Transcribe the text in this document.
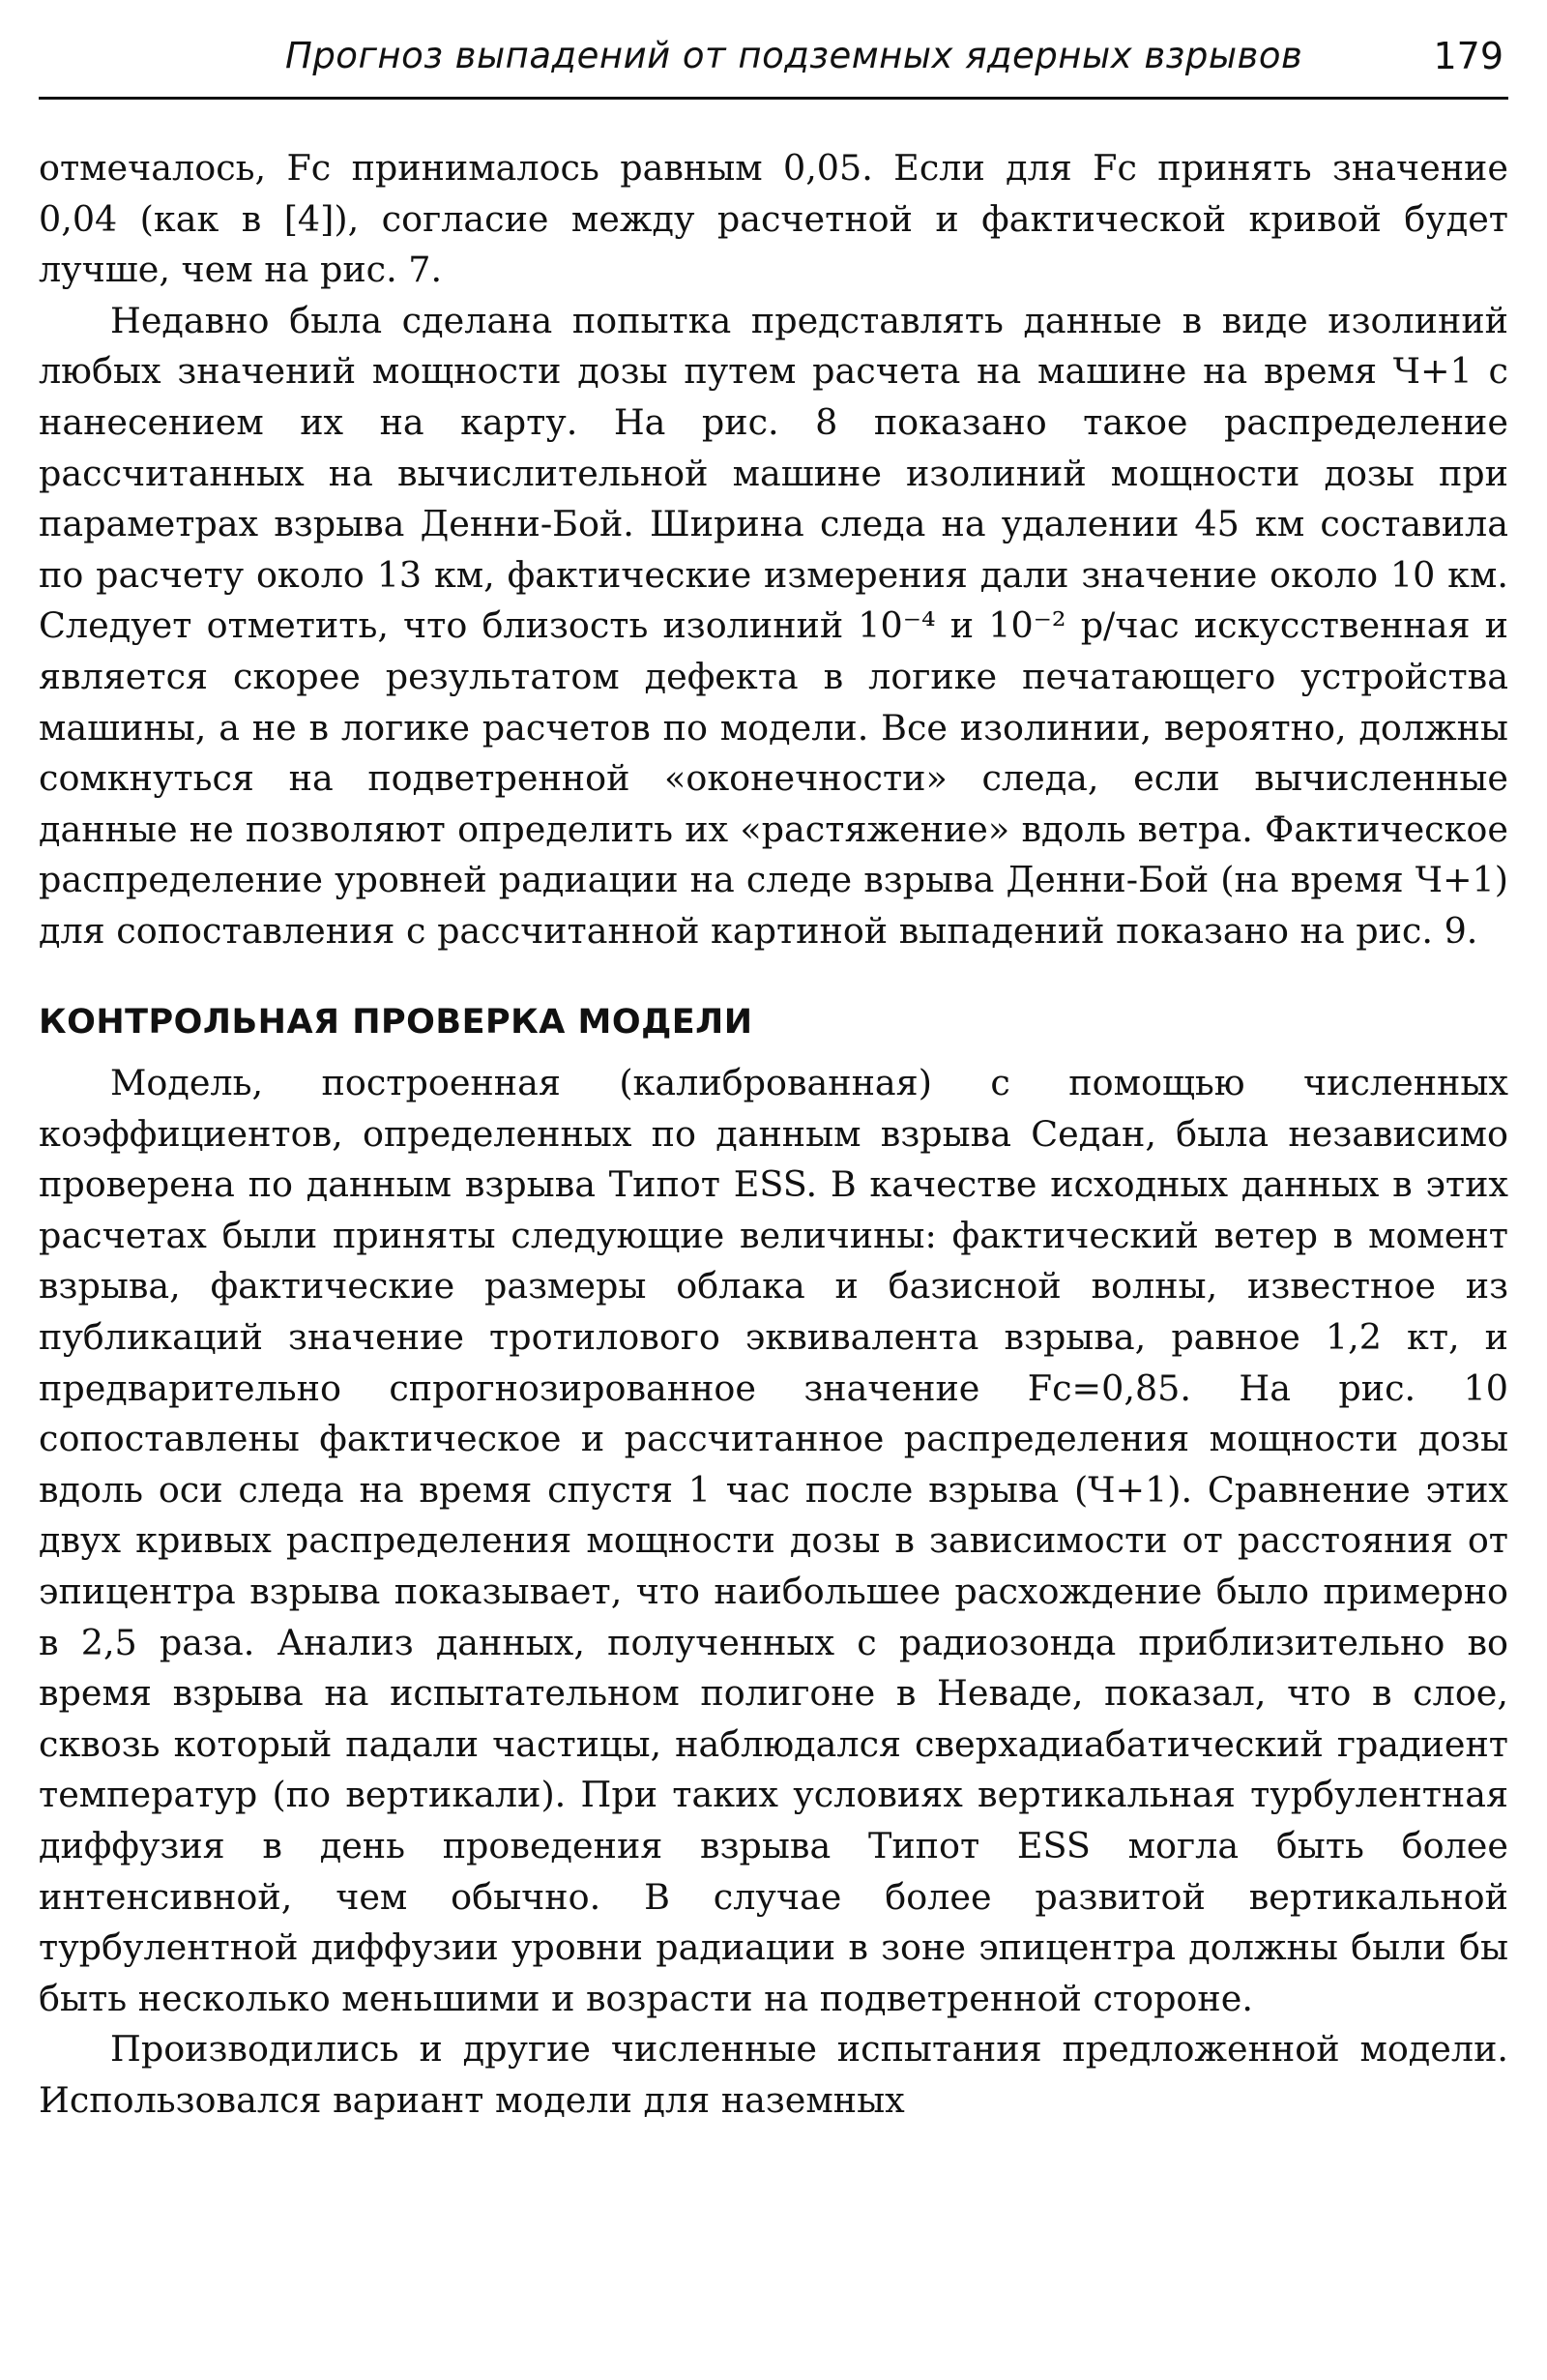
Прогноз выпадений от подземных ядерных взрывов	179

отмечалось, Fc принималось равным 0,05. Если для Fc принять значение 0,04 (как в [4]), согласие между расчетной и фактической кривой будет лучше, чем на рис. 7.

Недавно была сделана попытка представлять данные в виде изолиний любых значений мощности дозы путем расчета на машине на время Ч+1 с нанесением их на карту. На рис. 8 показано такое распределение рассчитанных на вычислительной машине изолиний мощности дозы при параметрах взрыва Денни-Бой. Ширина следа на удалении 45 км составила по расчету около 13 км, фактические измерения дали значение около 10 км. Следует отметить, что близость изолиний 10⁻⁴ и 10⁻² р/час искусственная и является скорее результатом дефекта в логике печатающего устройства машины, а не в логике расчетов по модели. Все изолинии, вероятно, должны сомкнуться на подветренной «оконечности» следа, если вычисленные данные не позволяют определить их «растяжение» вдоль ветра. Фактическое распределение уровней радиации на следе взрыва Денни-Бой (на время Ч+1) для сопоставления с рассчитанной картиной выпадений показано на рис. 9.

КОНТРОЛЬНАЯ ПРОВЕРКА МОДЕЛИ

Модель, построенная (калиброванная) с помощью численных коэффициентов, определенных по данным взрыва Седан, была независимо проверена по данным взрыва Типот ESS. В качестве исходных данных в этих расчетах были приняты следующие величины: фактический ветер в момент взрыва, фактические размеры облака и базисной волны, известное из публикаций значение тротилового эквивалента взрыва, равное 1,2 кт, и предварительно спрогнозированное значение Fc=0,85. На рис. 10 сопоставлены фактическое и рассчитанное распределения мощности дозы вдоль оси следа на время спустя 1 час после взрыва (Ч+1). Сравнение этих двух кривых распределения мощности дозы в зависимости от расстояния от эпицентра взрыва показывает, что наибольшее расхождение было примерно в 2,5 раза. Анализ данных, полученных с радиозонда приблизительно во время взрыва на испытательном полигоне в Неваде, показал, что в слое, сквозь который падали частицы, наблюдался сверхадиабатический градиент температур (по вертикали). При таких условиях вертикальная турбулентная диффузия в день проведения взрыва Типот ESS могла быть более интенсивной, чем обычно. В случае более развитой вертикальной турбулентной диффузии уровни радиации в зоне эпицентра должны были бы быть несколько меньшими и возрасти на подветренной стороне.

Производились и другие численные испытания предложенной модели. Использовался вариант модели для наземных
